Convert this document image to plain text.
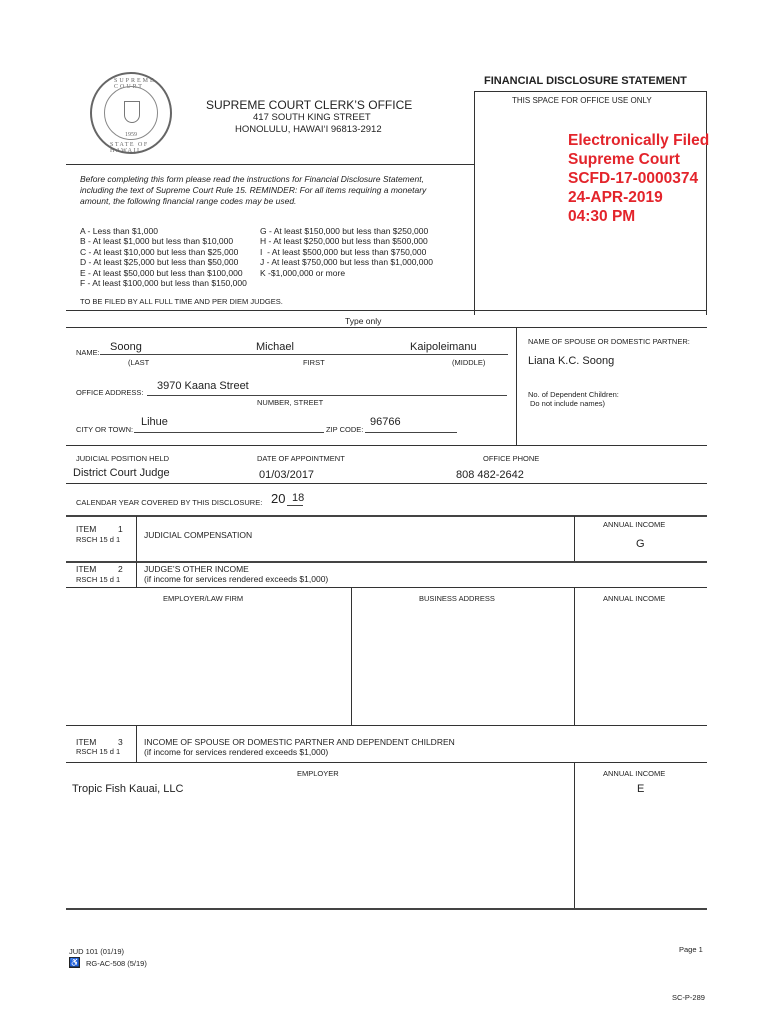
SUPREME COURT
STATE OF HAWAII
1959
FINANCIAL DISCLOSURE STATEMENT
SUPREME COURT CLERK’S OFFICE
417 SOUTH KING STREET
HONOLULU, HAWAI‘I 96813-2912
THIS SPACE FOR OFFICE USE ONLY
Electronically Filed
Supreme Court
SCFD-17-0000374
24-APR-2019
04:30 PM
Before completing this form please read the instructions for Financial Disclosure Statement,
including the text of Supreme Court Rule 15. REMINDER: For all items requiring a monetary
amount, the following financial range codes may be used.
A - Less than $1,000
B - At least $1,000 but less than $10,000
C - At least $10,000 but less than $25,000
D - At least $25,000 but less than $50,000
E - At least $50,000 but less than $100,000
F - At least $100,000 but less than $150,000
G - At least $150,000 but less than $250,000
H - At least $250,000 but less than $500,000
I  - At least $500,000 but less than $750,000
J - At least $750,000 but less than $1,000,000
K -$1,000,000 or more
TO BE FILED BY ALL FULL TIME AND PER DIEM JUDGES.
Type only
NAME: Soong	Michael	Kaipoleimanu
(LAST	FIRST	(MIDDLE)
NAME OF SPOUSE OR DOMESTIC PARTNER:
Liana K.C. Soong
OFFICE ADDRESS:
3970 Kaana Street
NUMBER, STREET
No. of Dependent Children:
Do not include names)
CITY OR TOWN:
Lihue
ZIP CODE:
96766
JUDICIAL POSITION HELD	DATE OF APPOINTMENT	OFFICE PHONE
District Court Judge	01/03/2017	808 482-2642
CALENDAR YEAR COVERED BY THIS DISCLOSURE: 20 18
ITEM	1
RSCH 15 d 1	JUDICIAL COMPENSATION
ANNUAL INCOME
G
ITEM	2
RSCH 15 d 1
JUDGE’S OTHER INCOME
(if income for services rendered exceeds $1,000)
EMPLOYER/LAW FIRM	BUSINESS ADDRESS	ANNUAL INCOME
ITEM	3
RSCH 15 d 1
INCOME OF SPOUSE OR DOMESTIC PARTNER AND DEPENDENT CHILDREN
(if income for services rendered exceeds $1,000)
EMPLOYER	ANNUAL INCOME
Tropic Fish Kauai, LLC	E
JUD 101 (01/19)
♿ RG-AC-508 (5/19)
Page 1
SC-P-289
